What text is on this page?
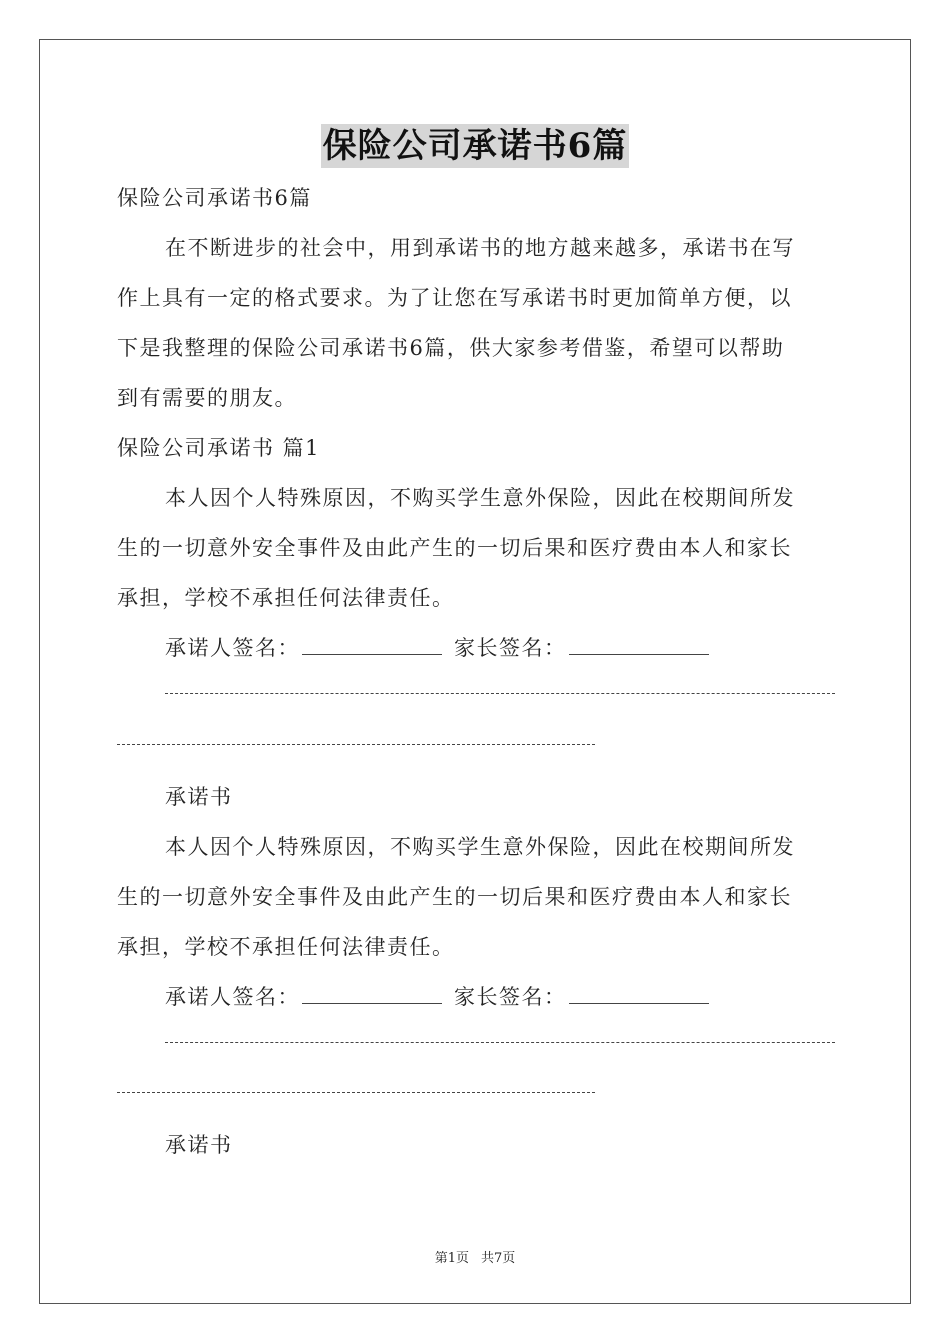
保险公司承诺书6篇
保险公司承诺书6篇
在不断进步的社会中，用到承诺书的地方越来越多，承诺书在写
作上具有一定的格式要求。为了让您在写承诺书时更加简单方便，以
下是我整理的保险公司承诺书6篇，供大家参考借鉴，希望可以帮助
到有需要的朋友。
保险公司承诺书 篇1
本人因个人特殊原因，不购买学生意外保险，因此在校期间所发
生的一切意外安全事件及由此产生的一切后果和医疗费由本人和家长
承担，学校不承担任何法律责任。
承诺人签名：	家长签名：
承诺书
本人因个人特殊原因，不购买学生意外保险，因此在校期间所发
生的一切意外安全事件及由此产生的一切后果和医疗费由本人和家长
承担，学校不承担任何法律责任。
承诺人签名：	家长签名：
承诺书
第1页 共7页
